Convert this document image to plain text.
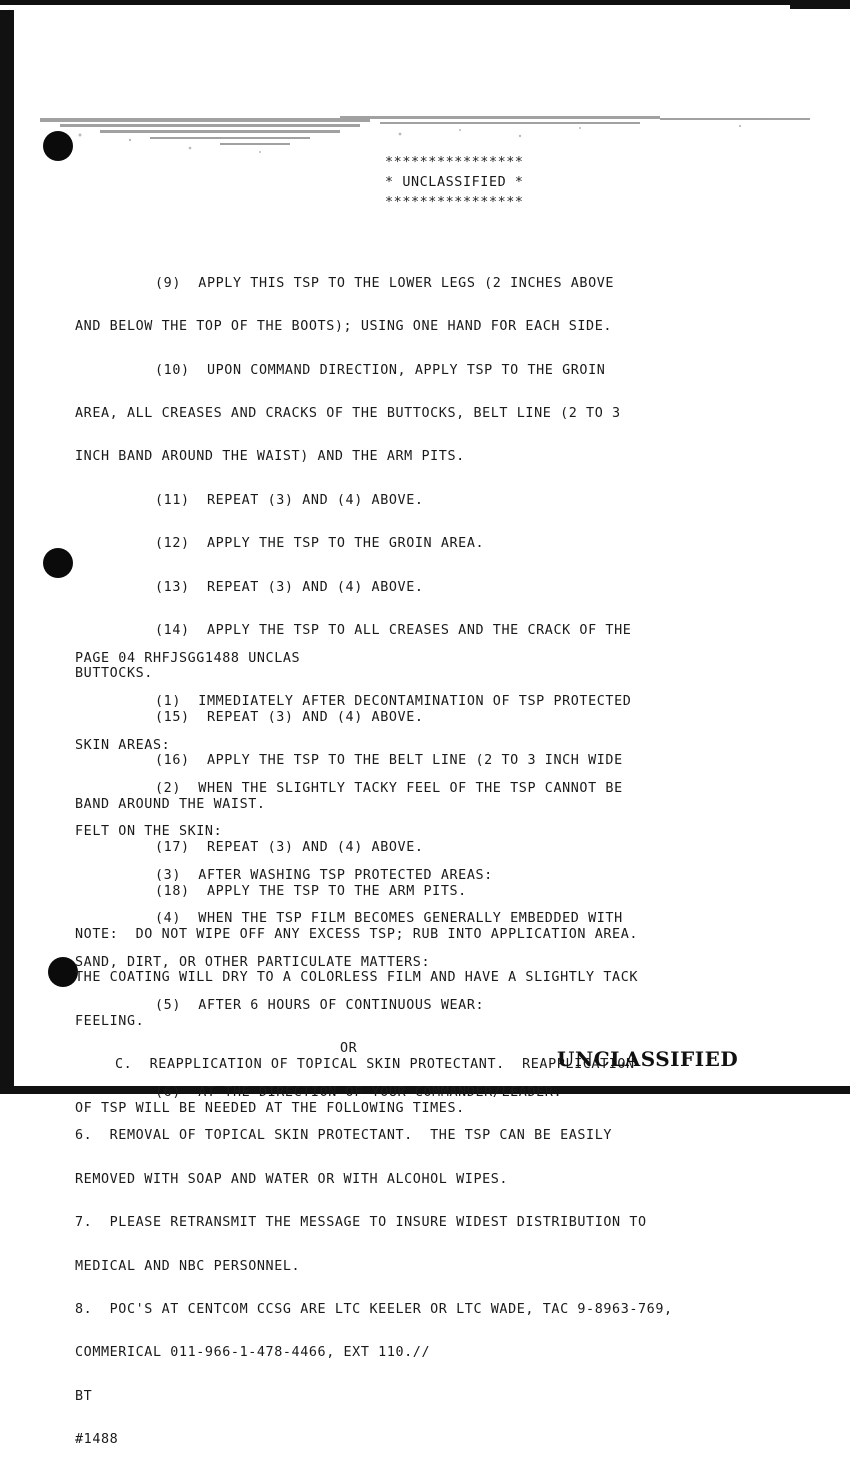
****************
* UNCLASSIFIED *
****************

(9)  APPLY THIS TSP TO THE LOWER LEGS (2 INCHES ABOVE

AND BELOW THE TOP OF THE BOOTS); USING ONE HAND FOR EACH SIDE.

(10)  UPON COMMAND DIRECTION, APPLY TSP TO THE GROIN

AREA, ALL CREASES AND CRACKS OF THE BUTTOCKS, BELT LINE (2 TO 3

INCH BAND AROUND THE WAIST) AND THE ARM PITS.

(11)  REPEAT (3) AND (4) ABOVE.

(12)  APPLY THE TSP TO THE GROIN AREA.

(13)  REPEAT (3) AND (4) ABOVE.

(14)  APPLY THE TSP TO ALL CREASES AND THE CRACK OF THE

BUTTOCKS.

(15)  REPEAT (3) AND (4) ABOVE.

(16)  APPLY THE TSP TO THE BELT LINE (2 TO 3 INCH WIDE

BAND AROUND THE WAIST.

(17)  REPEAT (3) AND (4) ABOVE.

(18)  APPLY THE TSP TO THE ARM PITS.

NOTE:  DO NOT WIPE OFF ANY EXCESS TSP; RUB INTO APPLICATION AREA.

THE COATING WILL DRY TO A COLORLESS FILM AND HAVE A SLIGHTLY TACK

FEELING.

C.  REAPPLICATION OF TOPICAL SKIN PROTECTANT.  REAPPLICATION

OF TSP WILL BE NEEDED AT THE FOLLOWING TIMES.

PAGE 04 RHFJSGG1488 UNCLAS

(1)  IMMEDIATELY AFTER DECONTAMINATION OF TSP PROTECTED

SKIN AREAS:

(2)  WHEN THE SLIGHTLY TACKY FEEL OF THE TSP CANNOT BE

FELT ON THE SKIN:

(3)  AFTER WASHING TSP PROTECTED AREAS:

(4)  WHEN THE TSP FILM BECOMES GENERALLY EMBEDDED WITH

SAND, DIRT, OR OTHER PARTICULATE MATTERS:

(5)  AFTER 6 HOURS OF CONTINUOUS WEAR:

OR

(6)  AT THE DIRECTION OF YOUR COMMANDER/LEADER.

6.  REMOVAL OF TOPICAL SKIN PROTECTANT.  THE TSP CAN BE EASILY

REMOVED WITH SOAP AND WATER OR WITH ALCOHOL WIPES.

7.  PLEASE RETRANSMIT THE MESSAGE TO INSURE WIDEST DISTRIBUTION TO

MEDICAL AND NBC PERSONNEL.

8.  POC'S AT CENTCOM CCSG ARE LTC KEELER OR LTC WADE, TAC 9-8963-769,

COMMERICAL 011-966-1-478-4466, EXT 110.//

BT

#1488

UNCLASSIFIED
